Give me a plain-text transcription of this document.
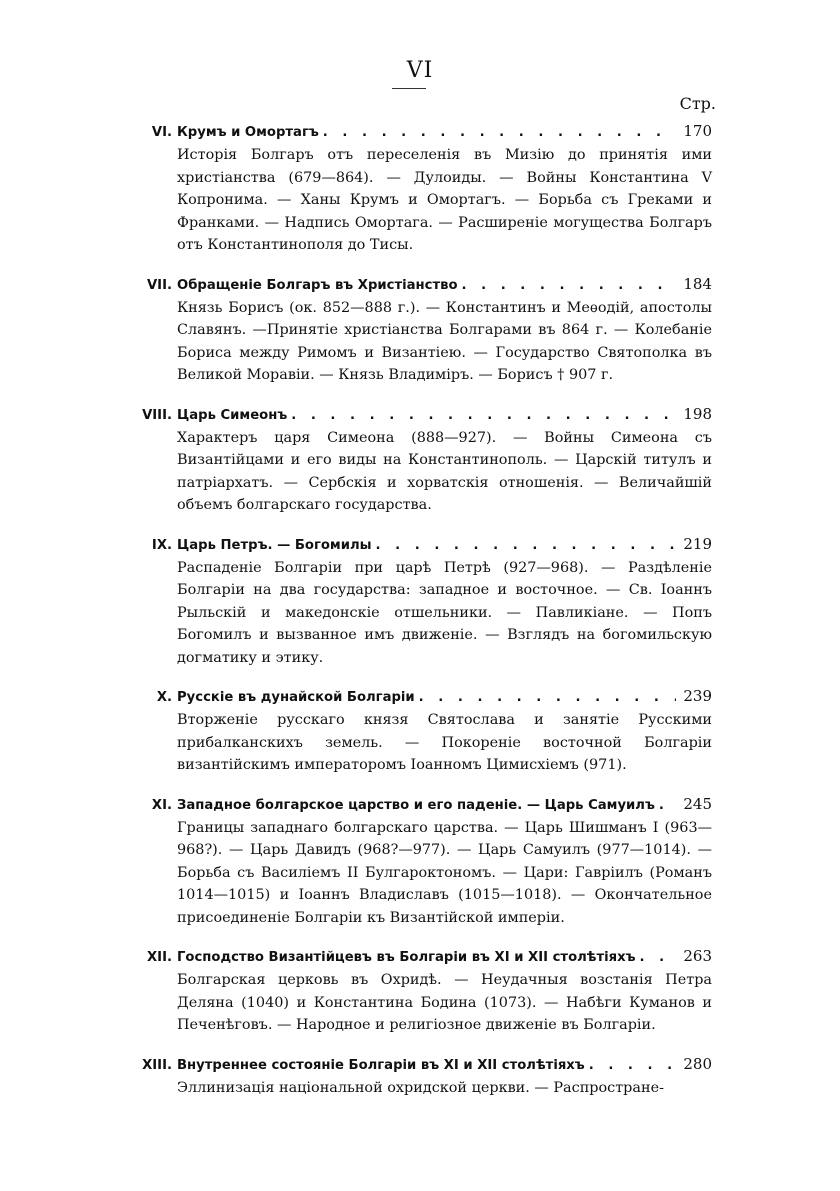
VI
Стр.
VI. Крумъ и Омортагъ . . .	170
Исторія Болгаръ отъ переселенія въ Мизію до принятія ими христіанства (679—864). — Дулоиды. — Войны Константина V Копронима. — Ханы Крумъ и Омортагъ. — Борьба съ Греками и Франками. — Надпись Омортага. — Расширеніе могущества Болгаръ отъ Константинополя до Тисы.
VII. Обращеніе Болгаръ въ Христіанство . . .	184
Князь Борисъ (ок. 852—888 г.). — Константинъ и Меѳодій, апостолы Славянъ. —Принятіе христіанства Болгарами въ 864 г. — Колебаніе Бориса между Римомъ и Византіею. — Государство Святополка въ Великой Моравіи. — Князь Владиміръ. — Борисъ † 907 г.
VIII. Царь Симеонъ . . .	198
Характеръ царя Симеона (888—927). — Войны Симеона съ Византійцами и его виды на Константинополь. — Царскій титулъ и патріархатъ. — Сербскія и хорватскія отношенія. — Величайшій объемъ болгарскаго государства.
IX. Царь Петръ. — Богомилы . . .	219
Распаденіе Болгаріи при царѣ Петрѣ (927—968). — Раздѣленіе Болгаріи на два государства: западное и восточное. — Св. Іоаннъ Рыльскій и македонскіе отшельники. — Павликіане. — Попъ Богомилъ и вызванное имъ движеніе. — Взглядъ на богомильскую догматику и этику.
X. Русскіе въ дунайской Болгаріи . . .	239
Вторженіе русскаго князя Святослава и занятіе Русскими прибалканскихъ земель. — Покореніе восточной Болгаріи византійскимъ императоромъ Іоанномъ Цимисхіемъ (971).
XI. Западное болгарское царство и его паденіе. — Царь Самуилъ . . . 245
Границы западнаго болгарскаго царства. — Царь Шишманъ I (963—968?). — Царь Давидъ (968?—977). — Царь Самуилъ (977—1014). — Борьба съ Василіемъ II Булгароктономъ. — Цари: Гавріилъ (Романъ 1014—1015) и Іоаннъ Владиславъ (1015—1018). — Окончательное присоединеніе Болгаріи къ Византійской имперіи.
XII. Господство Византійцевъ въ Болгаріи въ XI и XII столѣтіяхъ . . .	263
Болгарская церковь въ Охридѣ. — Неудачныя возстанія Петра Деляна (1040) и Константина Бодина (1073). — Набѣги Куманов и Печенѣговъ. — Народное и религіозное движеніе въ Болгаріи.
XIII. Внутреннее состояніе Болгаріи въ XI и XII столѣтіяхъ . . .	280
Эллинизація національной охридской церкви. — Распростране-
